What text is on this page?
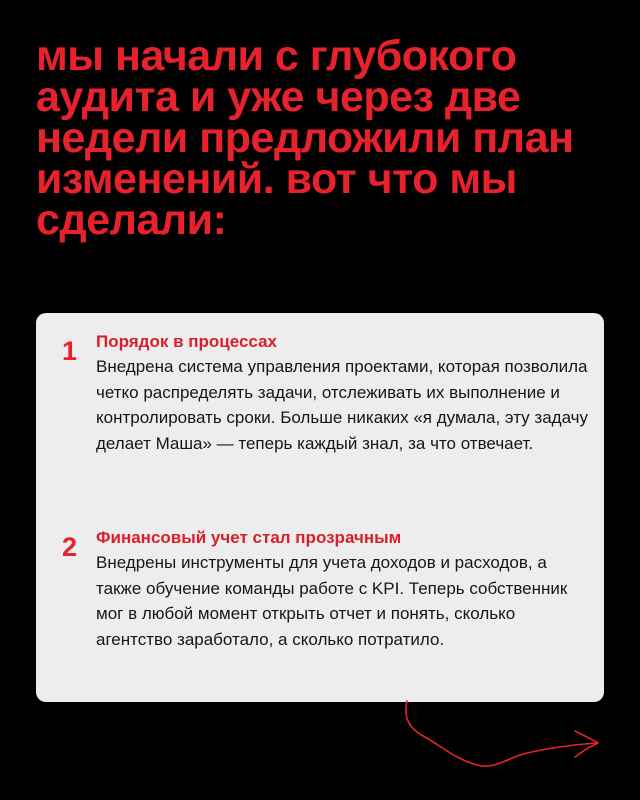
мы начали с глубокого аудита и уже через две недели предложили план изменений. вот что мы сделали:
1 Порядок в процессах

Внедрена система управления проектами, которая позволила четко распределять задачи, отслеживать их выполнение и контролировать сроки. Больше никаких «я думала, эту задачу делает Маша» — теперь каждый знал, за что отвечает.

2 Финансовый учет стал прозрачным

Внедрены инструменты для учета доходов и расходов, а также обучение команды работе с KPI. Теперь собственник мог в любой момент открыть отчет и понять, сколько агентство заработало, а сколько потратило.
